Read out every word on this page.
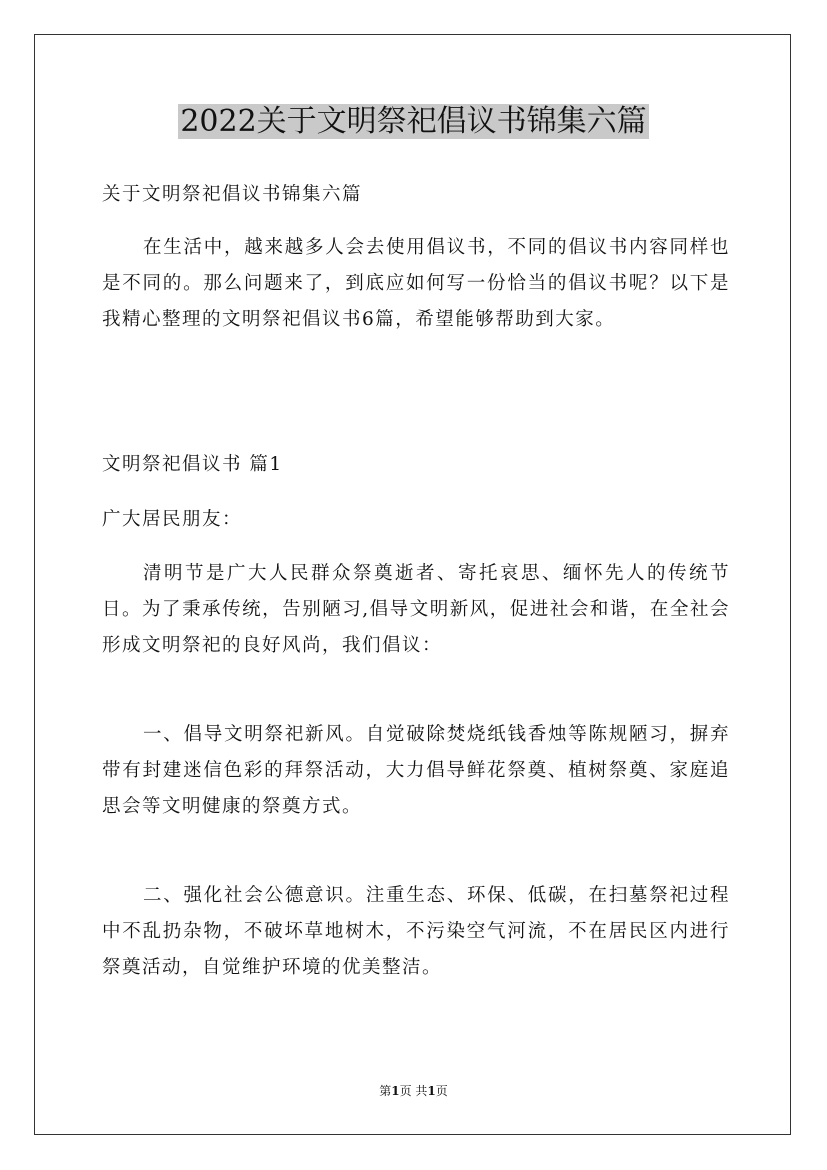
2022关于文明祭祀倡议书锦集六篇

关于文明祭祀倡议书锦集六篇

在生活中，越来越多人会去使用倡议书，不同的倡议书内容同样也是不同的。那么问题来了，到底应如何写一份恰当的倡议书呢？以下是我精心整理的文明祭祀倡议书6篇，希望能够帮助到大家。

文明祭祀倡议书 篇1

广大居民朋友：

清明节是广大人民群众祭奠逝者、寄托哀思、缅怀先人的传统节日。为了秉承传统，告别陋习,倡导文明新风，促进社会和谐，在全社会形成文明祭祀的良好风尚，我们倡议：

一、倡导文明祭祀新风。自觉破除焚烧纸钱香烛等陈规陋习，摒弃带有封建迷信色彩的拜祭活动，大力倡导鲜花祭奠、植树祭奠、家庭追思会等文明健康的祭奠方式。

二、强化社会公德意识。注重生态、环保、低碳，在扫墓祭祀过程中不乱扔杂物，不破坏草地树木，不污染空气河流，不在居民区内进行祭奠活动，自觉维护环境的优美整洁。

第1页 共1页
